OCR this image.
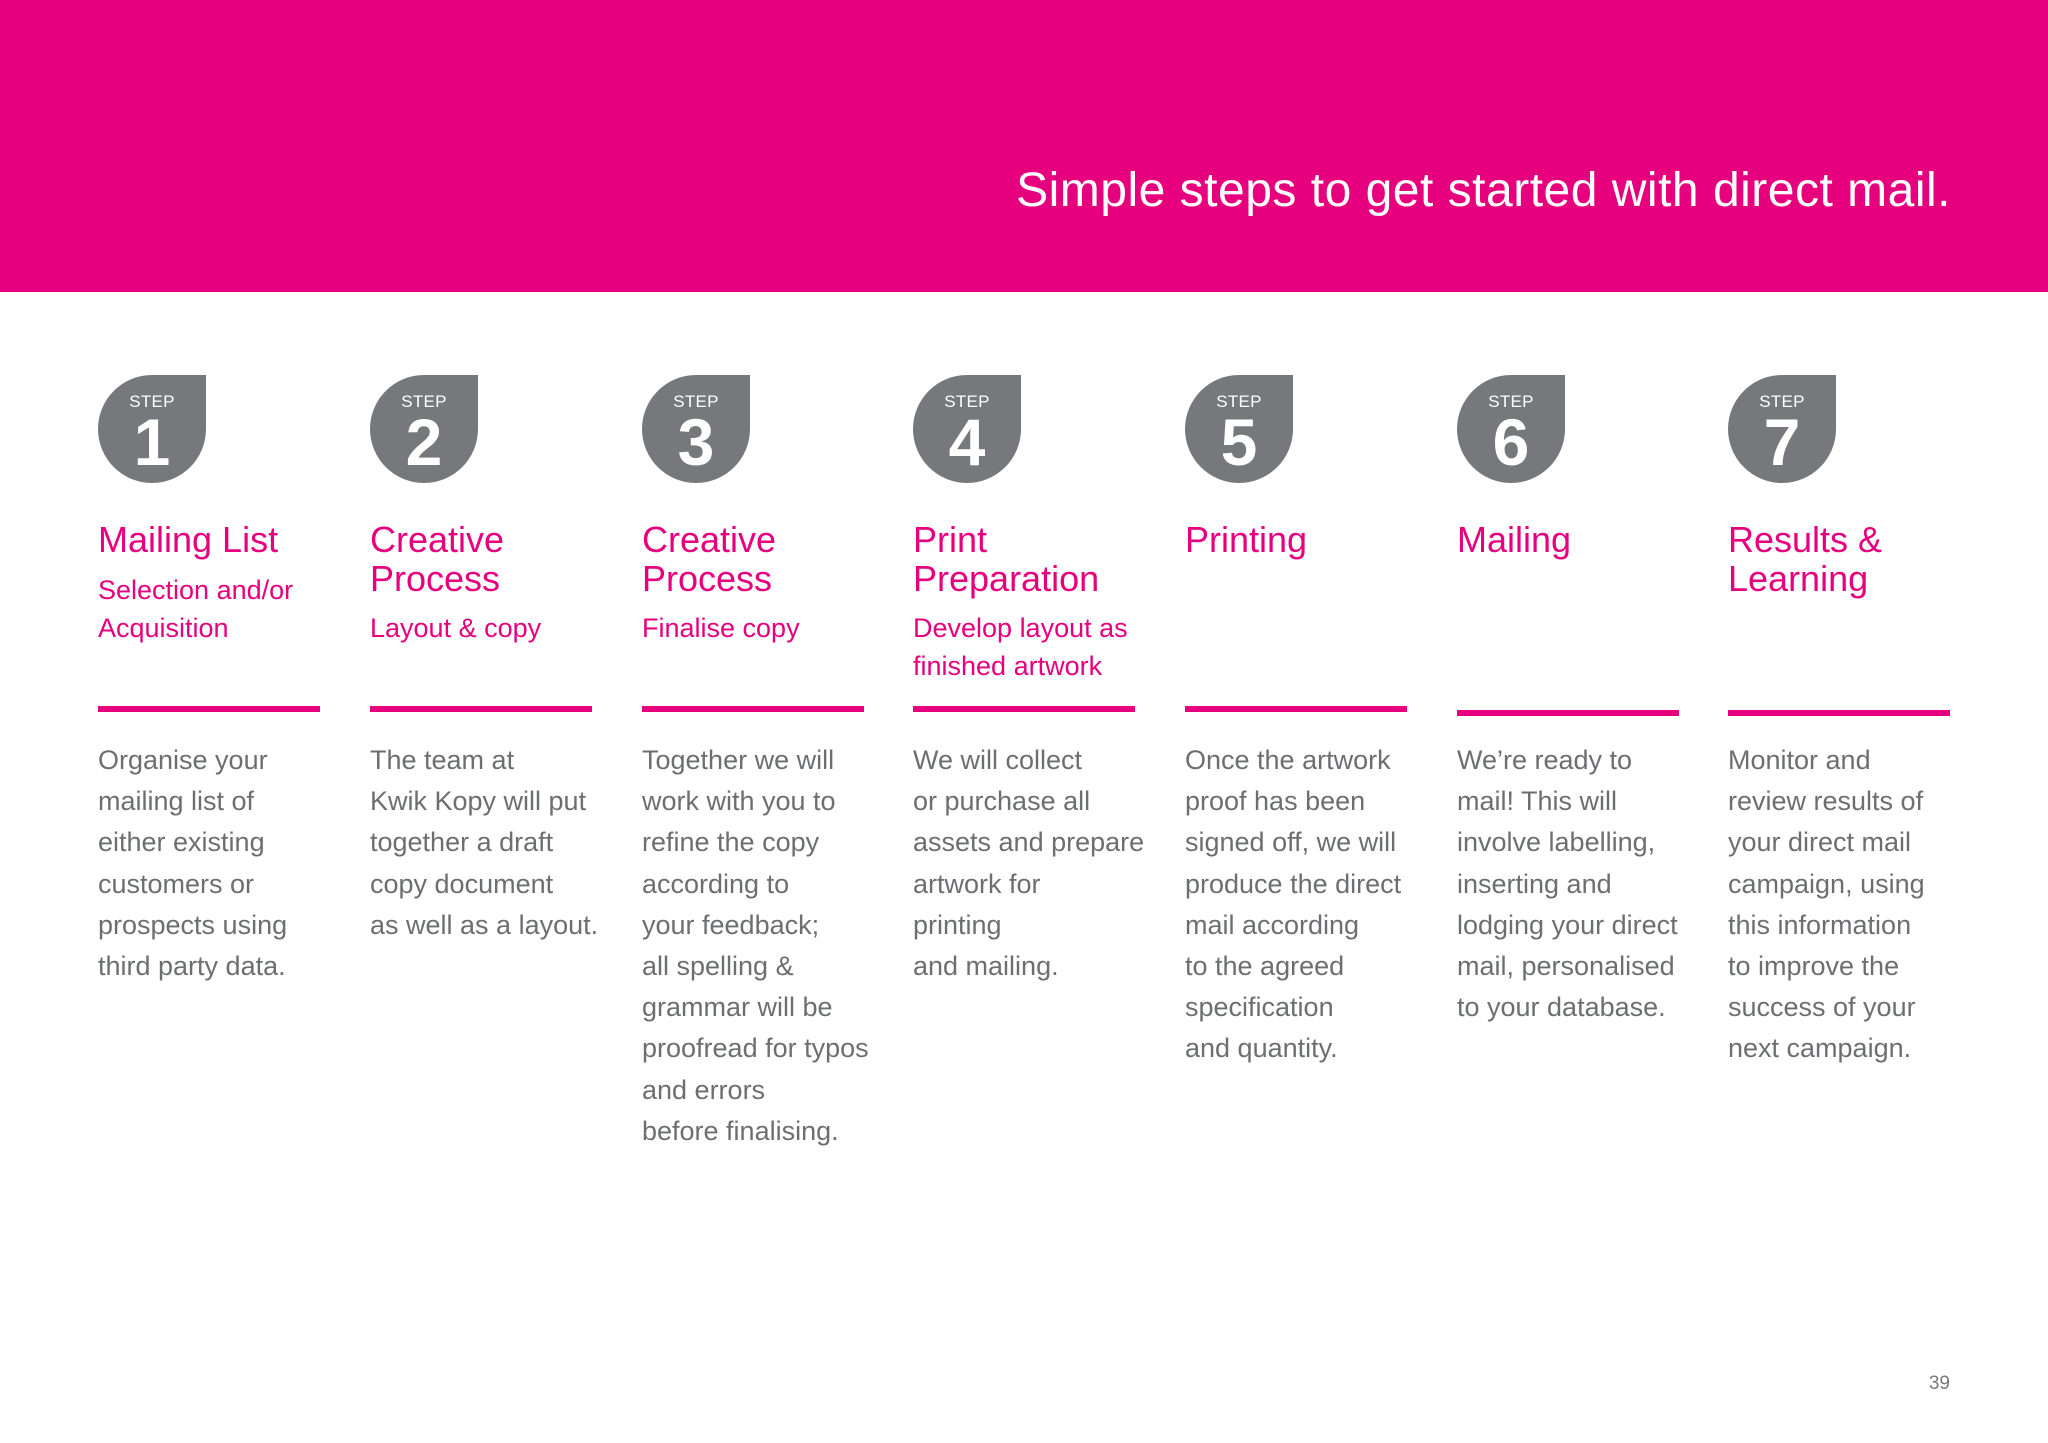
Simple steps to get started with direct mail.
STEP
1
Mailing List

Selection and/or
Acquisition

Organise your
mailing list of
either existing
customers or
prospects using
third party data.

STEP
2
Creative
Process

Layout & copy

The team at
Kwik Kopy will put
together a draft
copy document
as well as a layout.

STEP
3
Creative
Process

Finalise copy

Together we will
work with you to
refine the copy
according to
your feedback;
all spelling &
grammar will be
proofread for typos
and errors
before finalising.

STEP
4
Print
Preparation

Develop layout as
finished artwork

We will collect
or purchase all
assets and prepare
artwork for
printing
and mailing.

STEP
5
Printing

Once the artwork
proof has been
signed off, we will
produce the direct
mail according
to the agreed
specification
and quantity.

STEP
6
Mailing

We’re ready to
mail! This will
involve labelling,
inserting and
lodging your direct
mail, personalised
to your database.

STEP
7
Results &
Learning

Monitor and
review results of
your direct mail
campaign, using
this information
to improve the
success of your
next campaign.

39
